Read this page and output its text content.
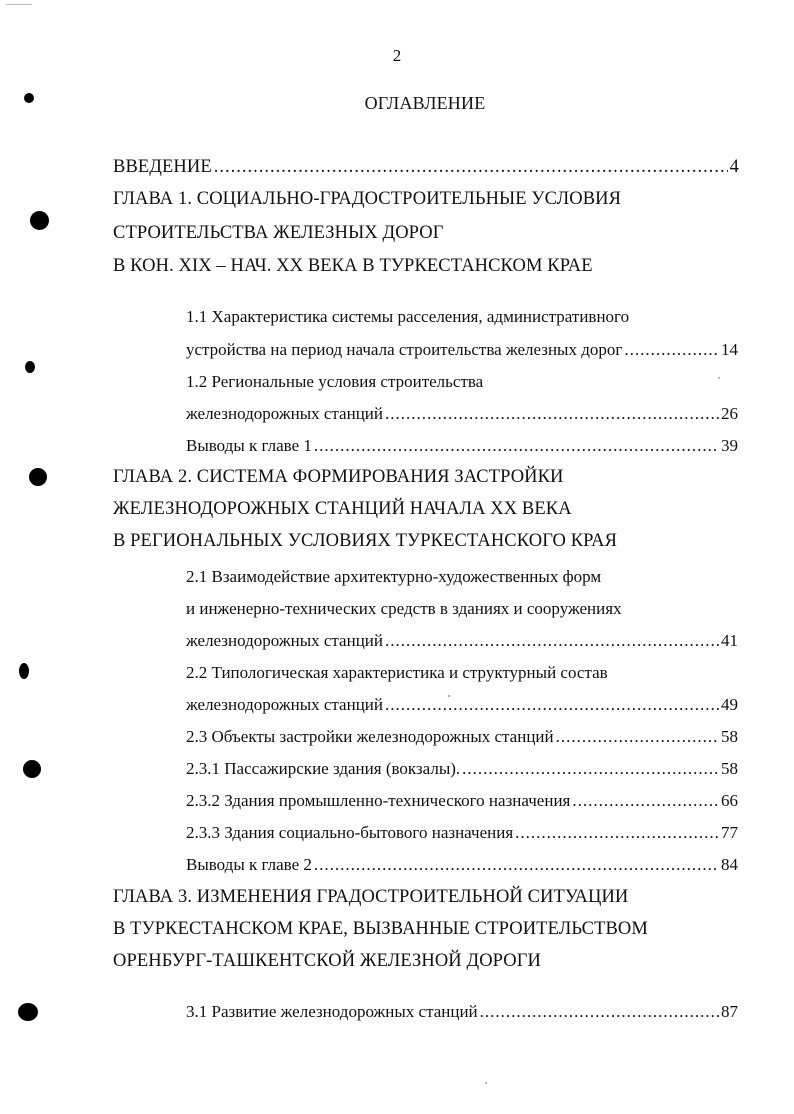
2
ОГЛАВЛЕНИЕ
ВВЕДЕНИЕ .....	4
ГЛАВА 1. СОЦИАЛЬНО-ГРАДОСТРОИТЕЛЬНЫЕ УСЛОВИЯ
СТРОИТЕЛЬСТВА ЖЕЛЕЗНЫХ ДОРОГ
В КОН. XIX – НАЧ. XX ВЕКА В ТУРКЕСТАНСКОМ КРАЕ
1.1 Характеристика системы расселения, административного
устройства на период начала строительства железных дорог .....	14
1.2 Региональные условия строительства
железнодорожных станций .....	26
Выводы к главе 1 .....	39
ГЛАВА 2. СИСТЕМА ФОРМИРОВАНИЯ ЗАСТРОЙКИ
ЖЕЛЕЗНОДОРОЖНЫХ СТАНЦИЙ НАЧАЛА XX ВЕКА
В РЕГИОНАЛЬНЫХ УСЛОВИЯХ ТУРКЕСТАНСКОГО КРАЯ
2.1 Взаимодействие архитектурно-художественных форм
и инженерно-технических средств в зданиях и сооружениях
железнодорожных станций .....	41
2.2 Типологическая характеристика и структурный состав
железнодорожных станций .....	49
2.3 Объекты застройки железнодорожных станций .....	58
2.3.1 Пассажирские здания (вокзалы). .....	58
2.3.2 Здания промышленно-технического назначения .....	66
2.3.3 Здания социально-бытового назначения .....	77
Выводы к главе 2 .....	84
ГЛАВА 3. ИЗМЕНЕНИЯ ГРАДОСТРОИТЕЛЬНОЙ СИТУАЦИИ
В ТУРКЕСТАНСКОМ КРАЕ, ВЫЗВАННЫЕ СТРОИТЕЛЬСТВОМ
ОРЕНБУРГ-ТАШКЕНТСКОЙ ЖЕЛЕЗНОЙ ДОРОГИ
3.1 Развитие железнодорожных станций .....	87
